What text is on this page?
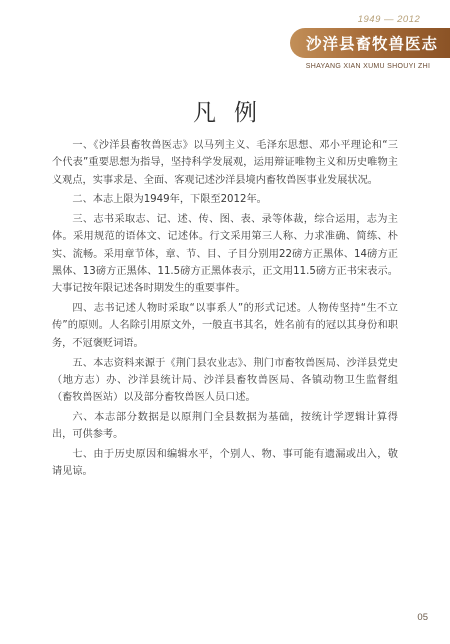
1949 — 2012
沙洋县畜牧兽医志
SHAYANG XIAN XUMU SHOUYI ZHI
凡例

一、《沙洋县畜牧兽医志》以马列主义、毛泽东思想、邓小平理论和“三个代表”重要思想为指导，坚持科学发展观，运用辩证唯物主义和历史唯物主义观点，实事求是、全面、客观记述沙洋县境内畜牧兽医事业发展状况。

二、本志上限为1949年，下限至2012年。

三、志书采取志、记、述、传、图、表、录等体裁，综合运用，志为主体。采用规范的语体文、记述体。行文采用第三人称、力求准确、简练、朴实、流畅。采用章节体，章、节、目、子目分别用22磅方正黑体、14磅方正黑体、13磅方正黑体、11.5磅方正黑体表示，正文用11.5磅方正书宋表示。大事记按年限记述各时期发生的重要事件。

四、志书记述人物时采取“以事系人”的形式记述。人物传坚持“生不立传”的原则。人名除引用原文外，一般直书其名，姓名前有的冠以其身份和职务，不冠褒贬词语。

五、本志资料来源于《荆门县农业志》、荆门市畜牧兽医局、沙洋县党史（地方志）办、沙洋县统计局、沙洋县畜牧兽医局、各镇动物卫生监督组（畜牧兽医站）以及部分畜牧兽医人员口述。

六、本志部分数据是以原荆门全县数据为基础，按统计学逻辑计算得出，可供参考。

七、由于历史原因和编辑水平，个别人、物、事可能有遗漏或出入，敬请见谅。

05
